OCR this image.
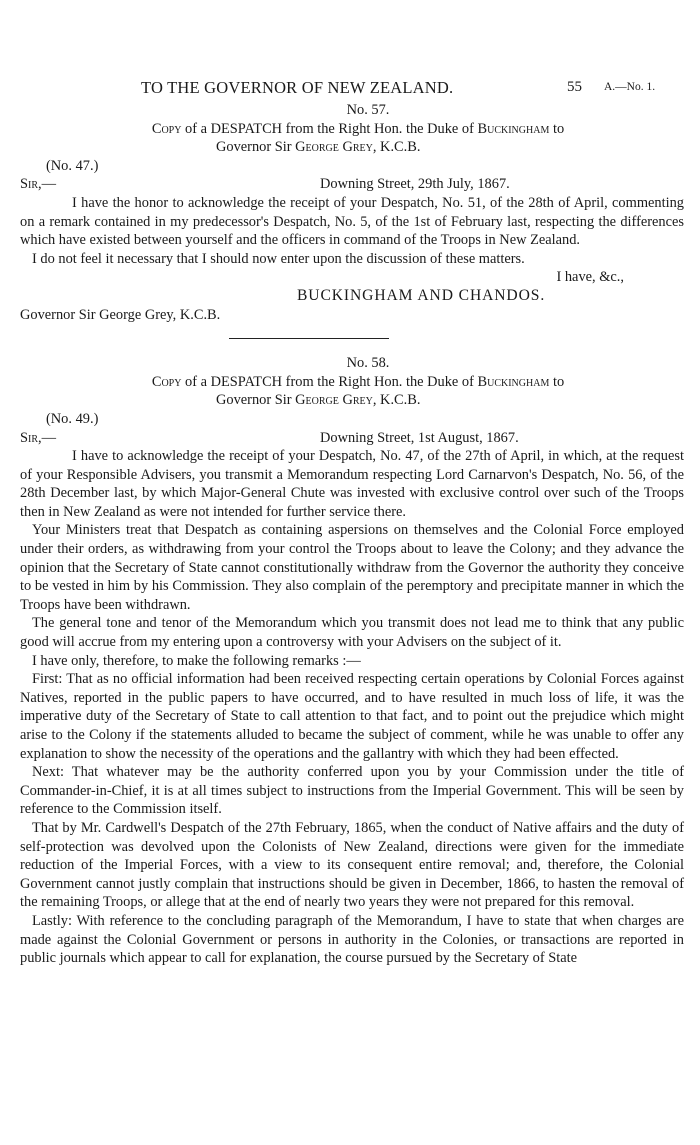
TO THE GOVERNOR OF NEW ZEALAND.	55 A.—No. 1.
No. 57.
Copy of a DESPATCH from the Right Hon. the Duke of Buckingham to
Governor Sir George Grey, K.C.B.
(No. 47.)
Sir,—	Downing Street, 29th July, 1867.

I have the honor to acknowledge the receipt of your Despatch, No. 51, of the 28th of April, commenting on a remark contained in my predecessor's Despatch, No. 5, of the 1st of February last, respecting the differences which have existed between yourself and the officers in command of the Troops in New Zealand.

I do not feel it necessary that I should now enter upon the discussion of these matters.

I have, &c.,
BUCKINGHAM AND CHANDOS.
Governor Sir George Grey, K.C.B.
No. 58.
Copy of a DESPATCH from the Right Hon. the Duke of Buckingham to
Governor Sir George Grey, K.C.B.
(No. 49.)
Sir,—	Downing Street, 1st August, 1867.

I have to acknowledge the receipt of your Despatch, No. 47, of the 27th of April, in which, at the request of your Responsible Advisers, you transmit a Memorandum respecting Lord Carnarvon's Despatch, No. 56, of the 28th December last, by which Major-General Chute was invested with exclusive control over such of the Troops then in New Zealand as were not intended for further service there.

Your Ministers treat that Despatch as containing aspersions on themselves and the Colonial Force employed under their orders, as withdrawing from your control the Troops about to leave the Colony; and they advance the opinion that the Secretary of State cannot constitutionally withdraw from the Governor the authority they conceive to be vested in him by his Commission. They also complain of the peremptory and precipitate manner in which the Troops have been withdrawn.

The general tone and tenor of the Memorandum which you transmit does not lead me to think that any public good will accrue from my entering upon a controversy with your Advisers on the subject of it.

I have only, therefore, to make the following remarks :—

First: That as no official information had been received respecting certain operations by Colonial Forces against Natives, reported in the public papers to have occurred, and to have resulted in much loss of life, it was the imperative duty of the Secretary of State to call attention to that fact, and to point out the prejudice which might arise to the Colony if the statements alluded to became the subject of comment, while he was unable to offer any explanation to show the necessity of the operations and the gallantry with which they had been effected.

Next: That whatever may be the authority conferred upon you by your Commission under the title of Commander-in-Chief, it is at all times subject to instructions from the Imperial Government. This will be seen by reference to the Commission itself.

That by Mr. Cardwell's Despatch of the 27th February, 1865, when the conduct of Native affairs and the duty of self-protection was devolved upon the Colonists of New Zealand, directions were given for the immediate reduction of the Imperial Forces, with a view to its consequent entire removal; and, therefore, the Colonial Government cannot justly complain that instructions should be given in December, 1866, to hasten the removal of the remaining Troops, or allege that at the end of nearly two years they were not prepared for this removal.

Lastly: With reference to the concluding paragraph of the Memorandum, I have to state that when charges are made against the Colonial Government or persons in authority in the Colonies, or transactions are reported in public journals which appear to call for explanation, the course pursued by the Secretary of State
